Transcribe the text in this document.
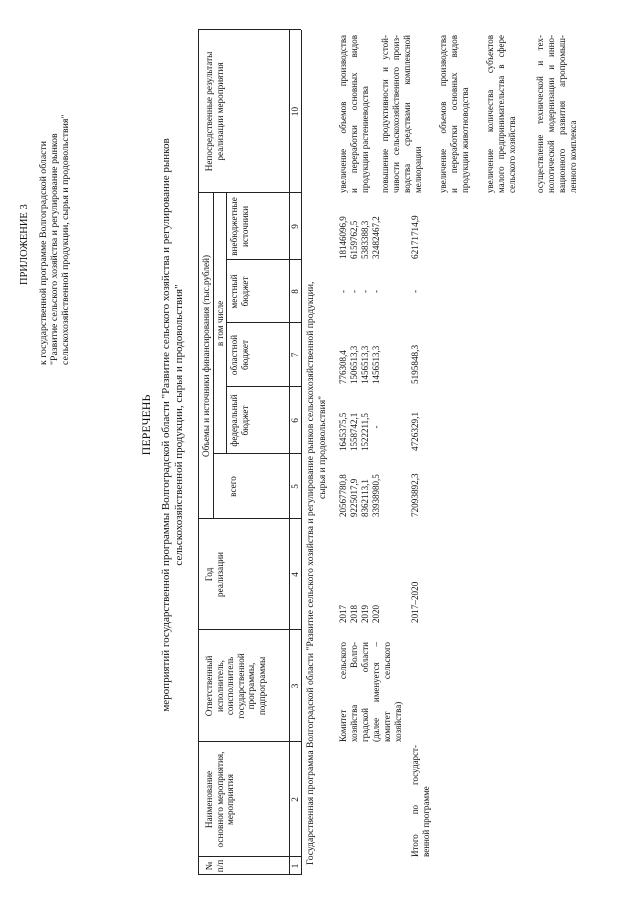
ПРИЛОЖЕНИЕ 3 к государственной программе Волгоградской области "Развитие сельского хозяйства и регулирование рынков сельскохозяйственной продукции, сырья и продовольствия"
ПЕРЕЧЕНЬ мероприятий государственной программы Волгоградской области "Развитие сельского хозяйства и регулирование рынков сельскохозяйственной продукции, сырья и продовольствия"
№ п/п
Наименование основного мероприятия, мероприятия
Ответственный исполнитель, соисполнитель государственной программы, подпрограммы
Год реализации
Объемы и источники финансирования (тыс.рублей)
всего
в том числе
федеральный бюджет
областной бюджет
местный бюджет
внебюджетные источники
Непосредственные результаты реализации мероприятия
1
2
3
4
5
6
7
8
9
10
Государственная программа Волгоградской области "Развитие сельского хозяйства и регулирование рынков сельскохозяйственной продукции, сырья и продовольствия"
Комитет сельского хозяйства Волго- градской области (далее именуется – комитет сельского хозяйства)
2017 2018 2019 2020
20567780,8 9225017,9 8362113,1 33938980,5
1645375,5 1558742,1 1522211,5 -
776308,4 1506513,3 1456513,3 1456513,3
- - - -
18146096,9 6159762,5 5383388,3 32482467,2
увеличение объемов производства и переработки основных видов продукции растениеводства повышение продуктивности и устой- чивости сельскохозяйственного произ- водства средствами комплексной мелиорации увеличение объемов производства и переработки основных видов продукции животноводства увеличение количества субъектов малого предпринимательства в сфере сельского хозяйства осуществление технической и тех- нологической модернизации и инно- вационного развития агропромыш- ленного комплекса
Итого по государст- венной программе
2017–2020
72093892,3
4726329,1
5195848,3
-
62171714,9
